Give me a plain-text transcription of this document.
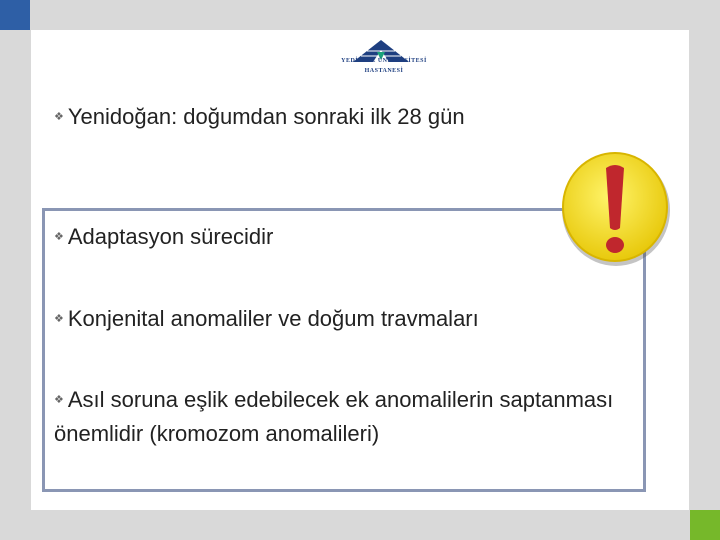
YEDİTEPE ÜNİVERSİTESİ
HASTANESİ
❖ Yenidoğan: doğumdan sonraki ilk 28 gün
❖ Adaptasyon sürecidir
❖ Konjenital anomaliler ve doğum travmaları
❖ Asıl soruna eşlik edebilecek ek anomalilerin saptanması önemlidir (kromozom anomalileri)
